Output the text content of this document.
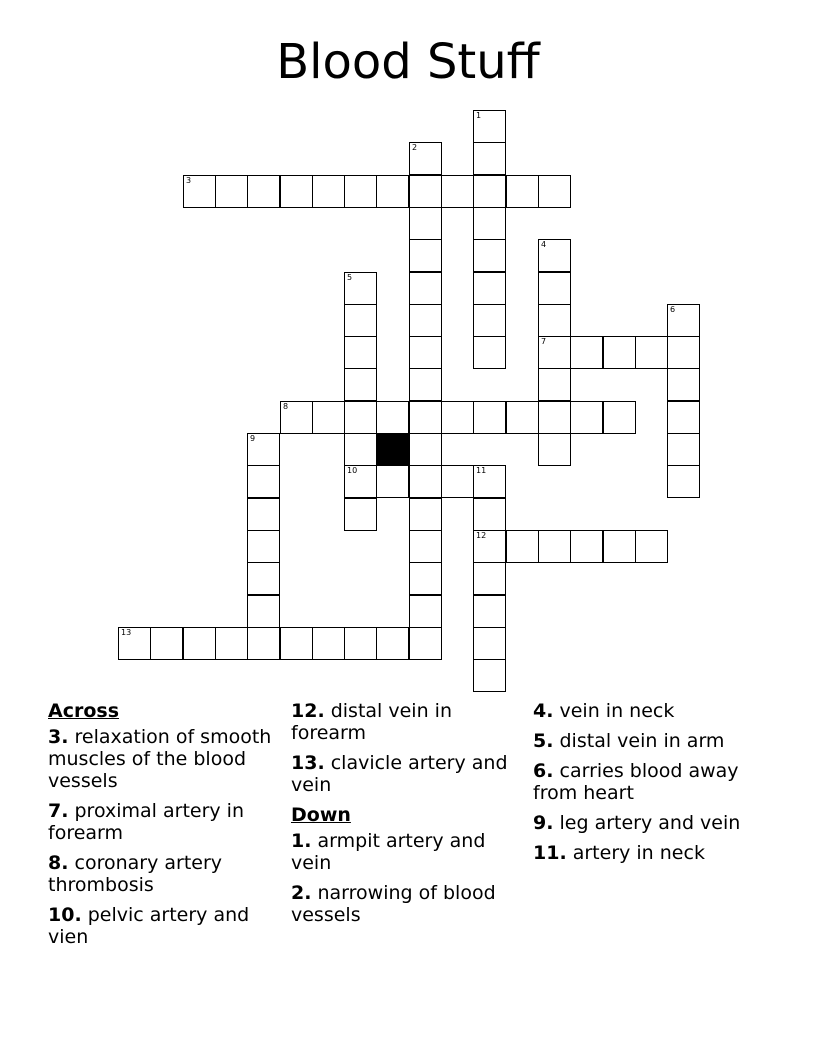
Blood Stuff
1
2
3
4
5
6
7
8
9
10	11
12
13
Across
3. relaxation of smooth muscles of the blood vessels
7. proximal artery in forearm
8. coronary artery thrombosis
10. pelvic artery and vien
12. distal vein in forearm
13. clavicle artery and vein
Down
1. armpit artery and vein
2. narrowing of blood vessels
4. vein in neck
5. distal vein in arm
6. carries blood away from heart
9. leg artery and vein
11. artery in neck
